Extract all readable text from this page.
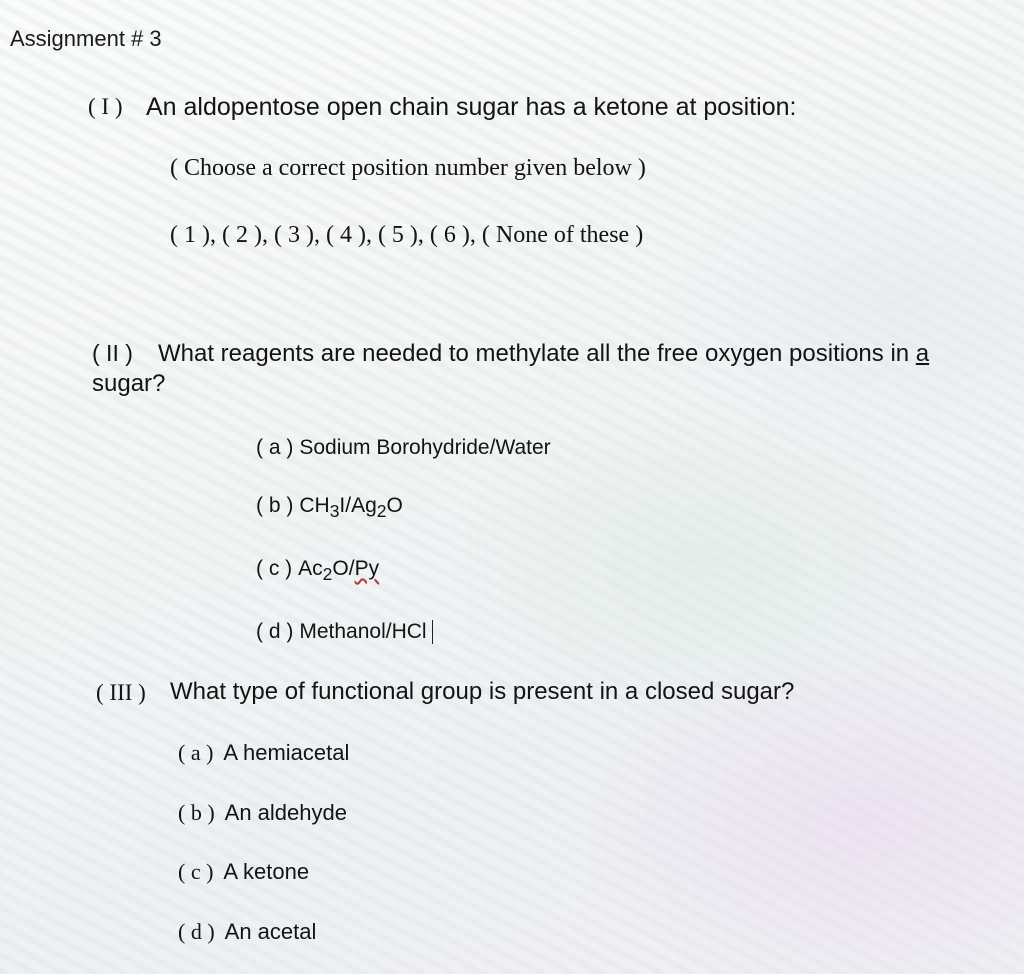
Assignment # 3
( I ) An aldopentose open chain sugar has a ketone at position:
( Choose a correct position number given below )
( 1 ), ( 2 ), ( 3 ), ( 4 ), ( 5 ), ( 6 ), ( None of these )
( II ) What reagents are needed to methylate all the free oxygen positions in a
sugar?
( a ) Sodium Borohydride/Water
( b ) $CH_3I/Ag_2O$
( c ) $Ac_2O/Py$
( d ) Methanol/HCl
( III ) What type of functional group is present in a closed sugar?
( a ) A hemiacetal
( b ) An aldehyde
( c ) A ketone
( d ) An acetal
